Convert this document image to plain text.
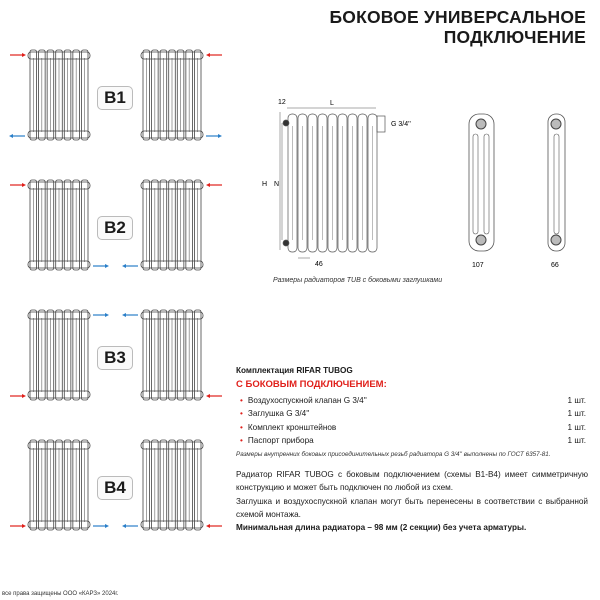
БОКОВОЕ УНИВЕРСАЛЬНОЕ
ПОДКЛЮЧЕНИЕ
B1
B2
B3
B4
12	L
G 3/4''
H N
46	107	66
Размеры радиаторов TUB с боковыми заглушками
Комплектация RIFAR TUBOG
С БОКОВЫМ ПОДКЛЮЧЕНИЕМ:
• Воздухоспускной клапан G 3/4''	1 шт.
• Заглушка G 3/4''	1 шт.
• Комплект кронштейнов	1 шт.
• Паспорт прибора	1 шт.
Размеры внутренних боковых присоединительных резьб радиатора G 3/4'' выполнены по ГОСТ 6357-81.
Радиатор RIFAR TUBOG с боковым подключением (схемы B1-B4) имеет симметричную конструкцию и может быть подключен по любой из схем.
Заглушка и воздухоспускной клапан могут быть перенесены в соответствии с выбранной схемой монтажа.
Минимальная длина радиатора – 98 мм (2 секции) без учета арматуры.
все права защищены ООО «КАРЗ» 2024г.
